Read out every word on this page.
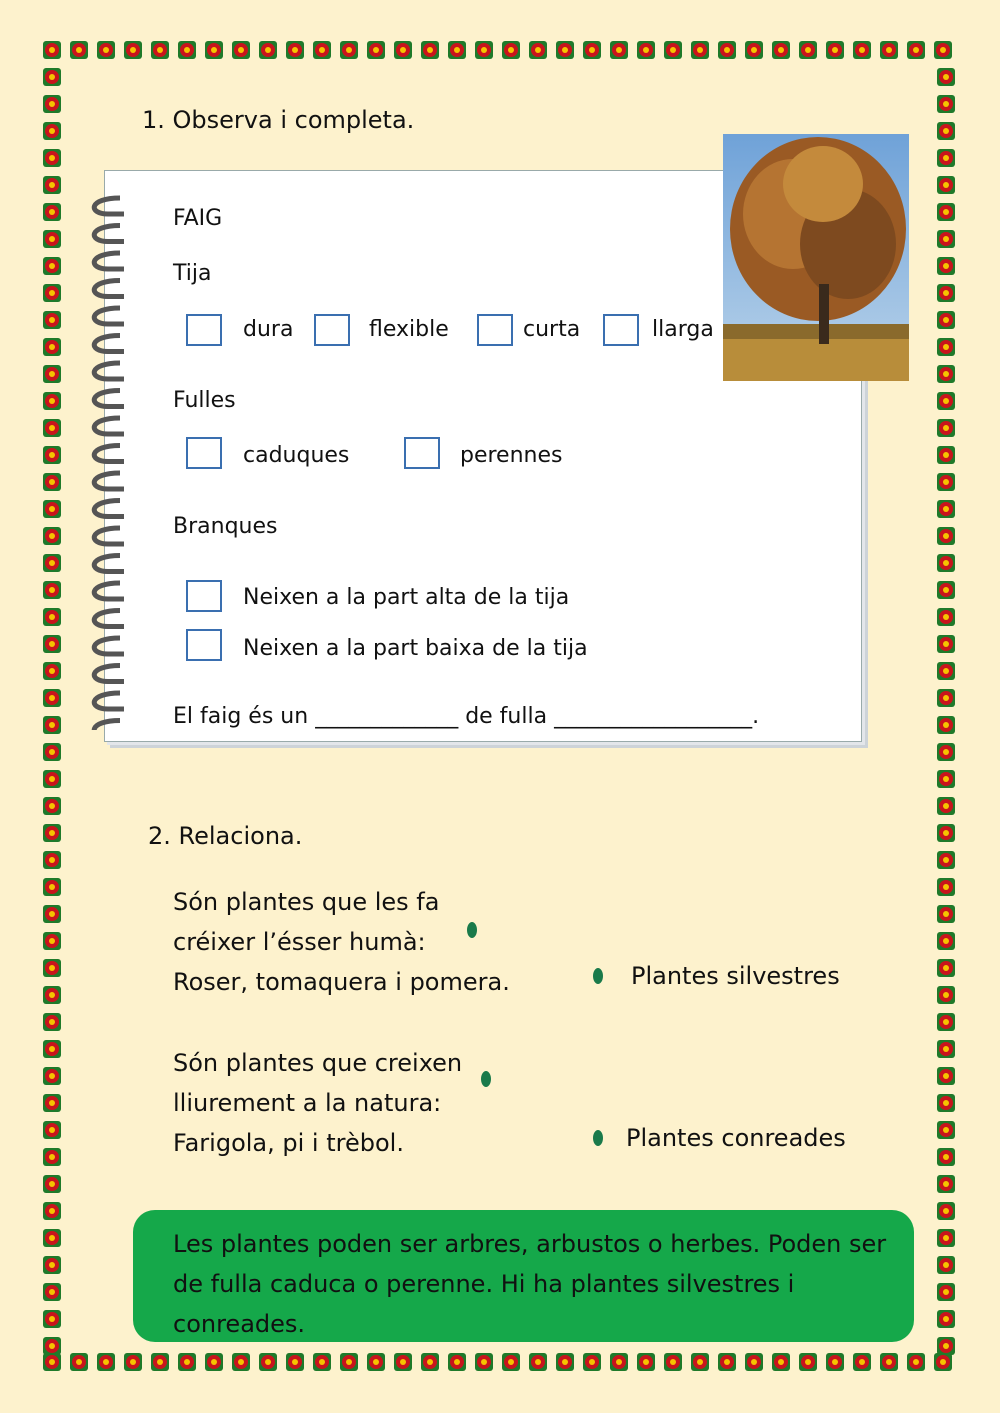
1. Observa i completa.
FAIG
Tija
dura	flexible	curta	llarga
Fulles
caduques	perennes
Branques
Neixen a la part alta de la tija
Neixen a la part baixa de la tija
El faig és un _____________ de fulla __________________.
2. Relaciona.
Són plantes que les fa
créixer l’ésser humà:
Roser, tomaquera i pomera.	Plantes silvestres
Són plantes que creixen
lliurement a la natura:
Farigola, pi i trèbol.	Plantes conreades
Les plantes poden ser arbres, arbustos o herbes. Poden ser de fulla caduca o perenne. Hi ha plantes silvestres i conreades.
